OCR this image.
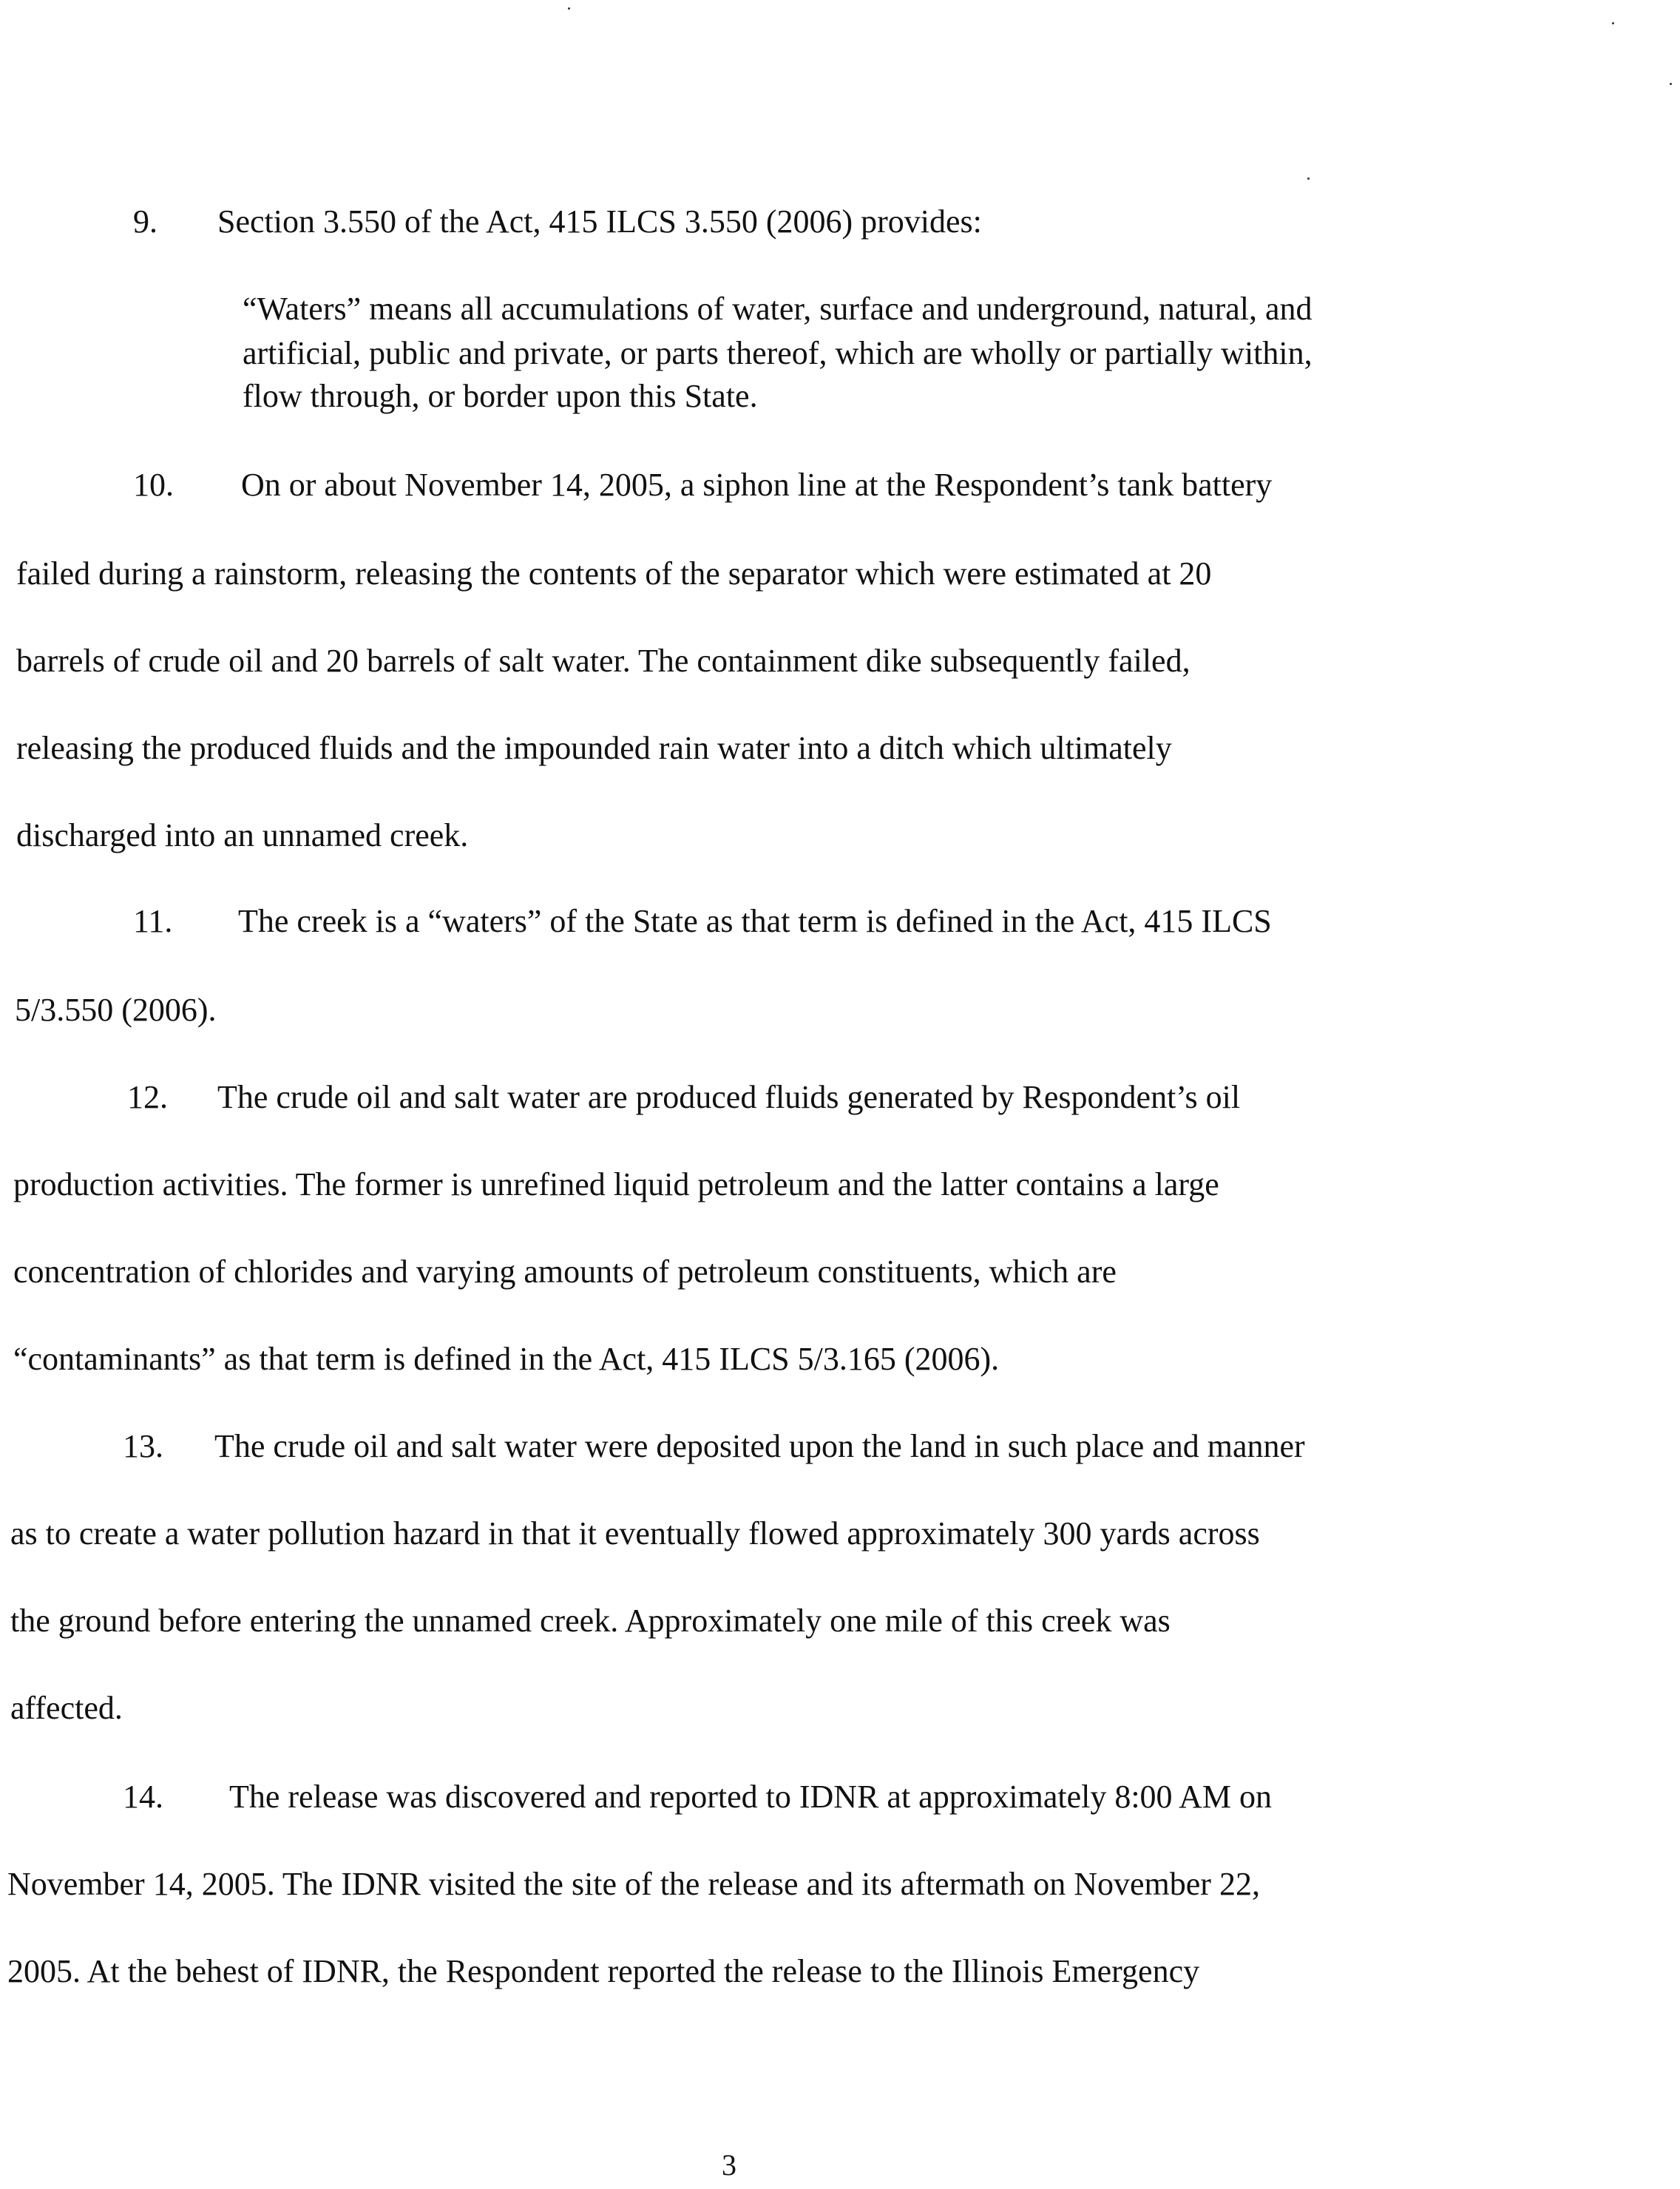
9. Section 3.550 of the Act, 415 ILCS 3.550 (2006) provides:
“Waters” means all accumulations of water, surface and underground, natural, and
artificial, public and private, or parts thereof, which are wholly or partially within,
flow through, or border upon this State.
10. On or about November 14, 2005, a siphon line at the Respondent’s tank battery
failed during a rainstorm, releasing the contents of the separator which were estimated at 20
barrels of crude oil and 20 barrels of salt water. The containment dike subsequently failed,
releasing the produced fluids and the impounded rain water into a ditch which ultimately
discharged into an unnamed creek.
11. The creek is a “waters” of the State as that term is defined in the Act, 415 ILCS
5/3.550 (2006).
12. The crude oil and salt water are produced fluids generated by Respondent’s oil
production activities. The former is unrefined liquid petroleum and the latter contains a large
concentration of chlorides and varying amounts of petroleum constituents, which are
“contaminants” as that term is defined in the Act, 415 ILCS 5/3.165 (2006).
13. The crude oil and salt water were deposited upon the land in such place and manner
as to create a water pollution hazard in that it eventually flowed approximately 300 yards across
the ground before entering the unnamed creek. Approximately one mile of this creek was
affected.
14. The release was discovered and reported to IDNR at approximately 8:00 AM on
November 14, 2005. The IDNR visited the site of the release and its aftermath on November 22,
2005. At the behest of IDNR, the Respondent reported the release to the Illinois Emergency
3
